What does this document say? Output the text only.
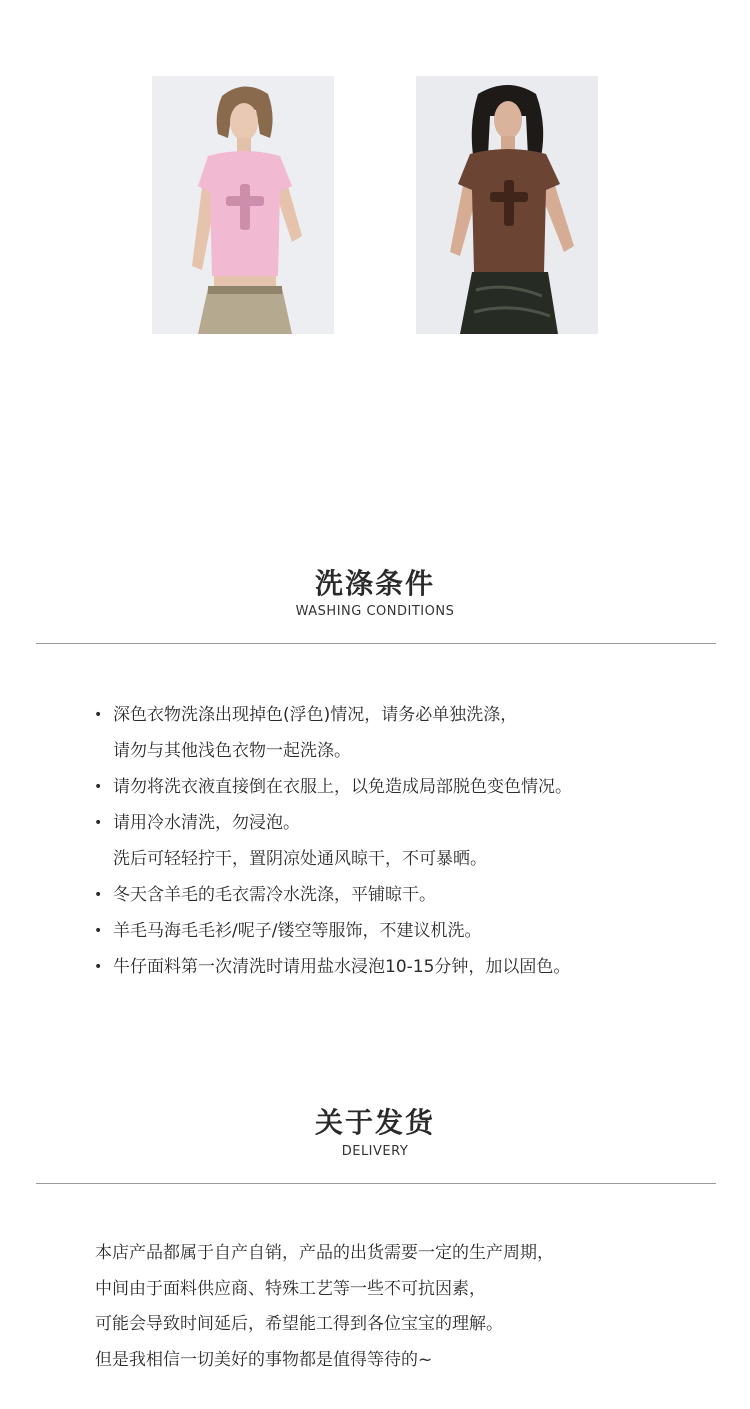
洗涤条件
WASHING CONDITIONS
• 深色衣物洗涤出现掉色(浮色)情况，请务必单独洗涤，
请勿与其他浅色衣物一起洗涤。
• 请勿将洗衣液直接倒在衣服上，以免造成局部脱色变色情况。
• 请用冷水清洗，勿浸泡。
洗后可轻轻拧干，置阴凉处通风晾干，不可暴晒。
• 冬天含羊毛的毛衣需冷水洗涤，平铺晾干。
• 羊毛马海毛毛衫/呢子/镂空等服饰，不建议机洗。
• 牛仔面料第一次清洗时请用盐水浸泡10-15分钟，加以固色。
关于发货
DELIVERY
本店产品都属于自产自销，产品的出货需要一定的生产周期，
中间由于面料供应商、特殊工艺等一些不可抗因素，
可能会导致时间延后，希望能工得到各位宝宝的理解。
但是我相信一切美好的事物都是值得等待的~
